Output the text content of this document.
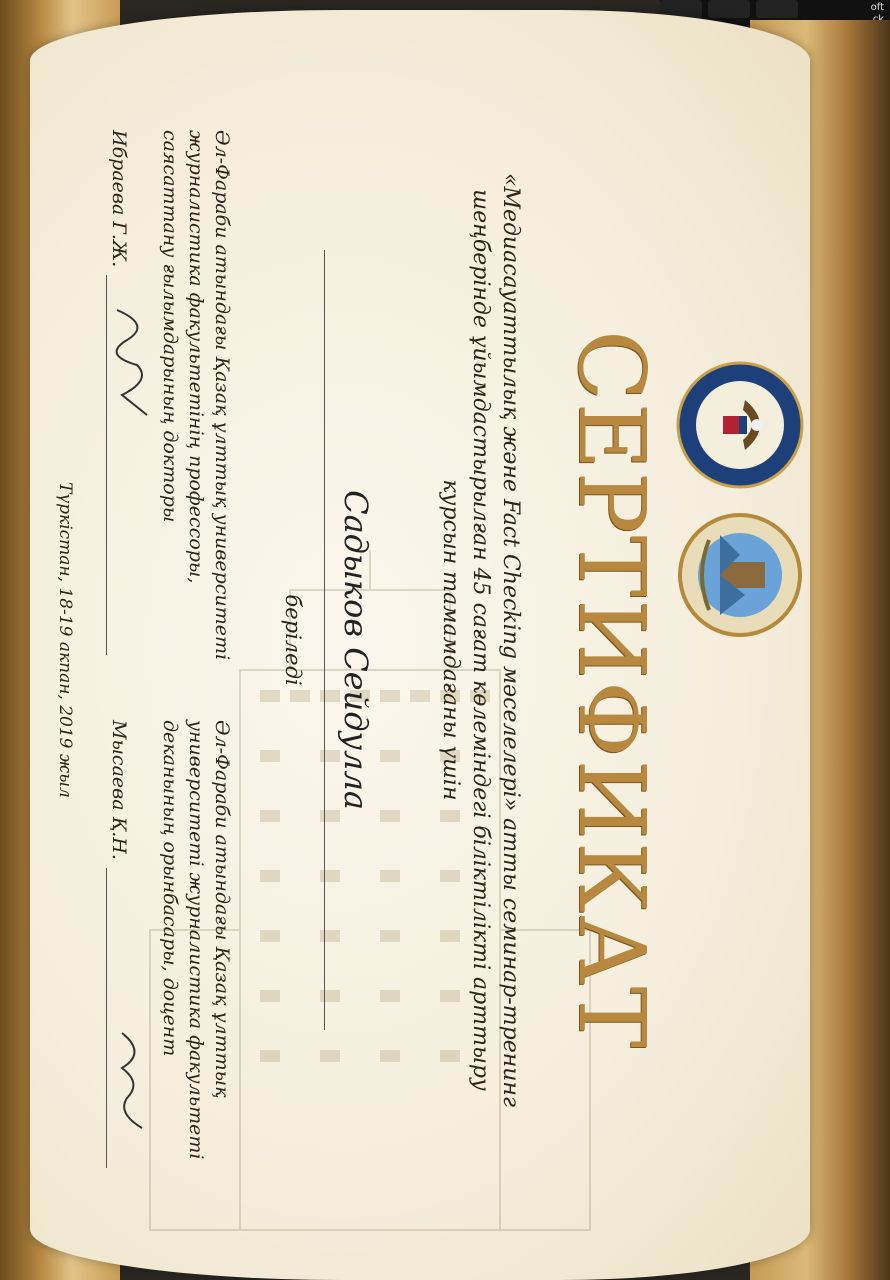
oft

СЕРТИФИКАТ
«Медиасауаттылық және Fact Checking мәселелері» атты семинар-тренинг
шеңберінде ұйымдастырылған 45 сағат көлеміндегі біліктілікті арттыру
курсын тамамдағаны үшін
Садыков Сейдулла
беріледі
Әл-Фараби атындағы Қазақ ұлттық университеті журналистика факультетінің профессоры, саясаттану ғылымдарының докторы
Ибраева Г.Ж.
Әл-Фараби атындағы Қазақ ұлттық университеті журналистика факультеті деканының орынбасары, доцент
Мысаева Қ.Н.
Түркістан, 18-19 акпан, 2019 жыл
